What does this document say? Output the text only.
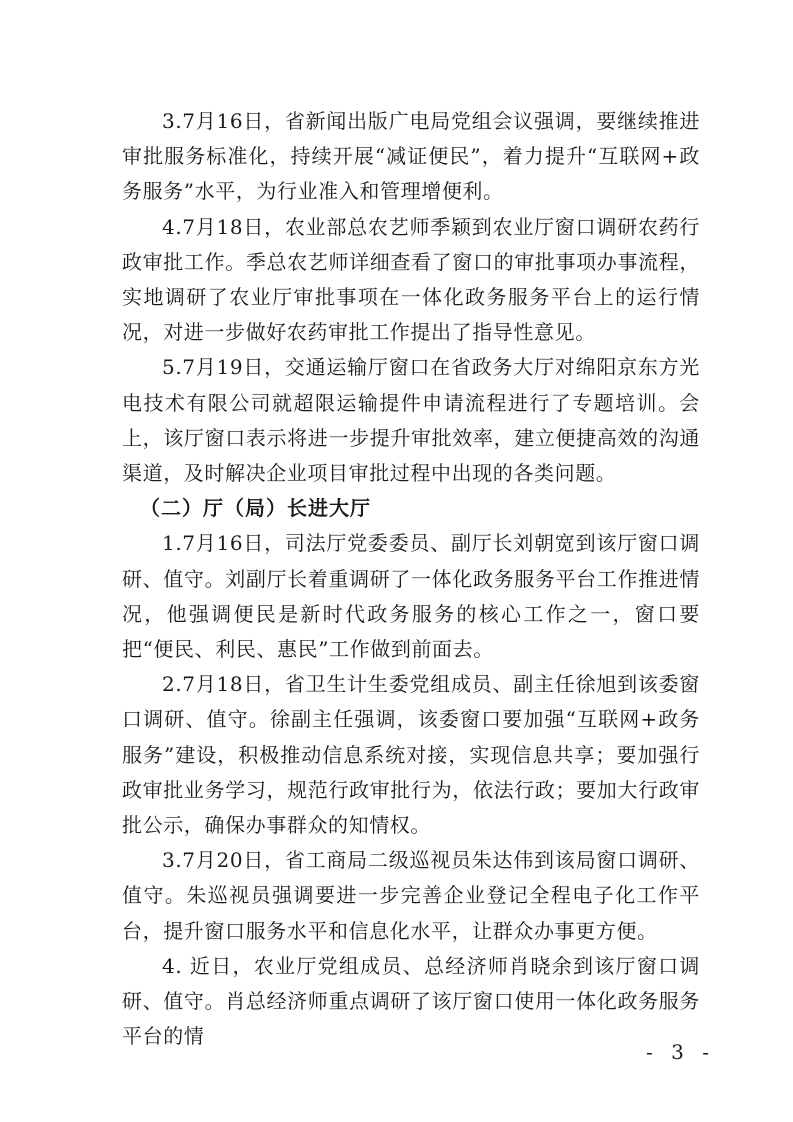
3.7月16日，省新闻出版广电局党组会议强调，要继续推进审批服务标准化，持续开展“减证便民”，着力提升“互联网+政务服务”水平，为行业准入和管理增便利。

4.7月18日，农业部总农艺师季颖到农业厅窗口调研农药行政审批工作。季总农艺师详细查看了窗口的审批事项办事流程，实地调研了农业厅审批事项在一体化政务服务平台上的运行情况，对进一步做好农药审批工作提出了指导性意见。

5.7月19日，交通运输厅窗口在省政务大厅对绵阳京东方光电技术有限公司就超限运输提件申请流程进行了专题培训。会上，该厅窗口表示将进一步提升审批效率，建立便捷高效的沟通渠道，及时解决企业项目审批过程中出现的各类问题。

（二）厅（局）长进大厅

1.7月16日，司法厅党委委员、副厅长刘朝宽到该厅窗口调研、值守。刘副厅长着重调研了一体化政务服务平台工作推进情况，他强调便民是新时代政务服务的核心工作之一，窗口要把“便民、利民、惠民”工作做到前面去。

2.7月18日，省卫生计生委党组成员、副主任徐旭到该委窗口调研、值守。徐副主任强调，该委窗口要加强“互联网+政务服务”建设，积极推动信息系统对接，实现信息共享；要加强行政审批业务学习，规范行政审批行为，依法行政；要加大行政审批公示，确保办事群众的知情权。

3.7月20日，省工商局二级巡视员朱达伟到该局窗口调研、值守。朱巡视员强调要进一步完善企业登记全程电子化工作平台，提升窗口服务水平和信息化水平，让群众办事更方便。

4. 近日，农业厅党组成员、总经济师肖晓余到该厅窗口调研、值守。肖总经济师重点调研了该厅窗口使用一体化政务服务平台的情

- 3 -
